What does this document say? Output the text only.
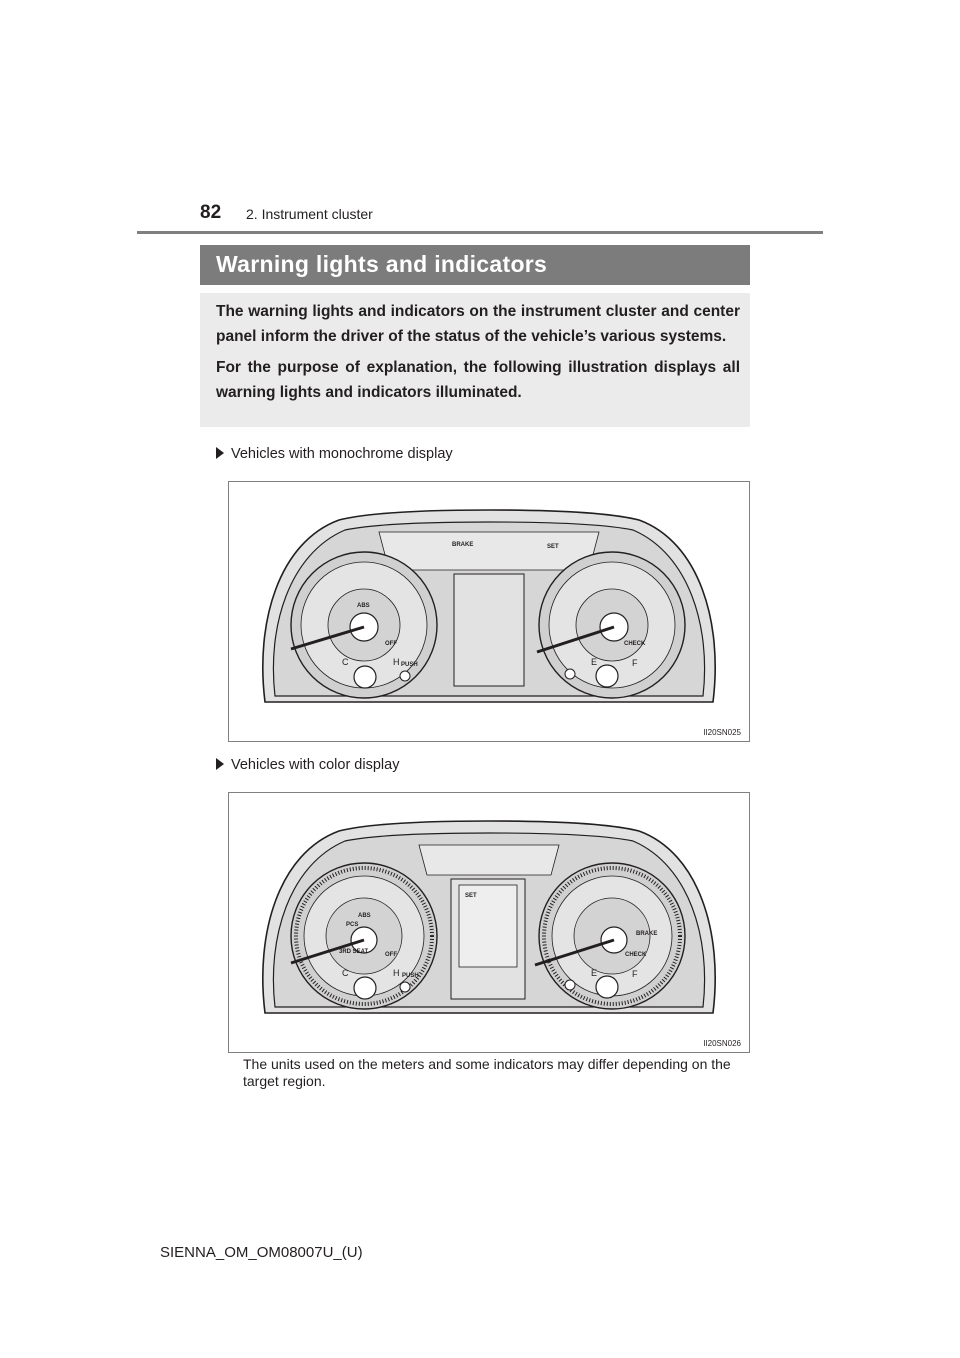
82 2. Instrument cluster
Warning lights and indicators

The warning lights and indicators on the instrument cluster and center panel inform the driver of the status of the vehicle’s various systems.

For the purpose of explanation, the following illustration displays all warning lights and indicators illuminated.

Vehicles with monochrome display
ABS
OFF
BRAKE	SET
CHECK
PUSH
C	H	E	F
II20SN025
Vehicles with color display
ABS
PCS
3RD SEAT	OFF
BRAKE
SET
CHECK
PUSH
C	H	E	F
II20SN026
The units used on the meters and some indicators may differ depending on the target region.
SIENNA_OM_OM08007U_(U)
